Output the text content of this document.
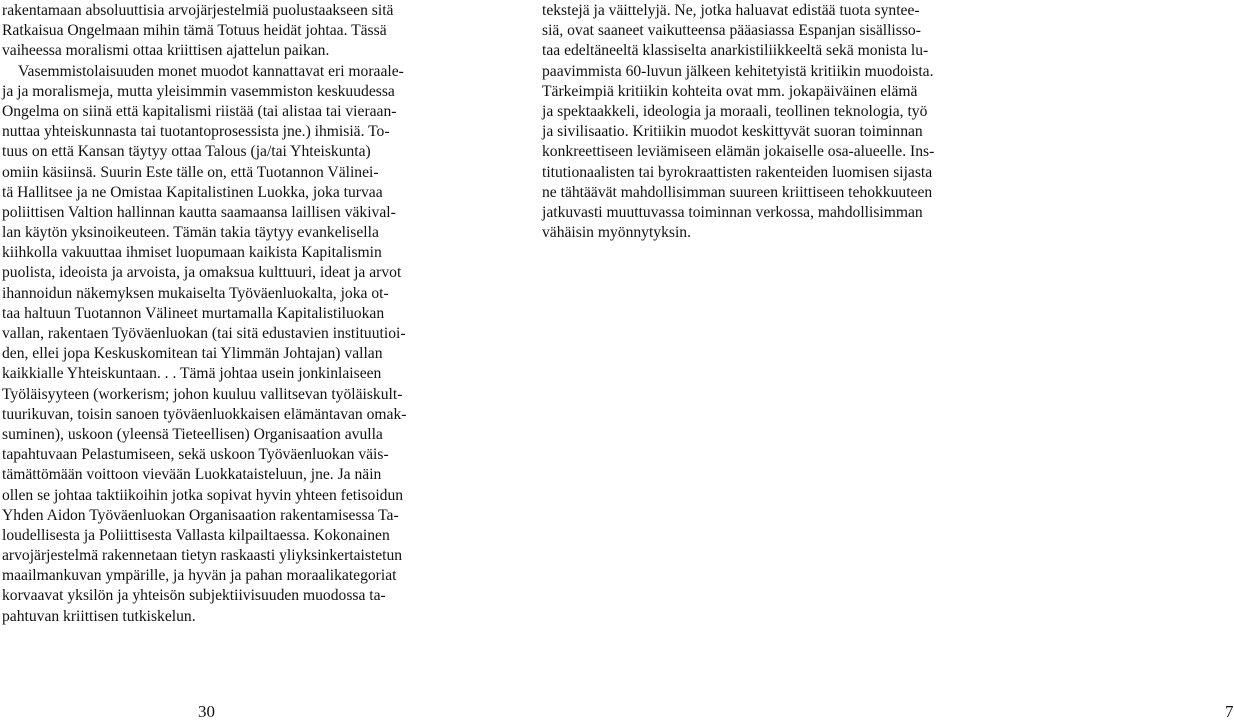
rakentamaan absoluuttisia arvojärjestelmiä puolustaakseen sitä
Ratkaisua Ongelmaan mihin tämä Totuus heidät johtaa. Tässä
vaiheessa moralismi ottaa kriittisen ajattelun paikan.
Vasemmistolaisuuden monet muodot kannattavat eri moraale-
ja ja moralismeja, mutta yleisimmin vasemmiston keskuudessa
Ongelma on siinä että kapitalismi riistää (tai alistaa tai vieraan-
nuttaa yhteiskunnasta tai tuotantoprosessista jne.) ihmisiä. To-
tuus on että Kansan täytyy ottaa Talous (ja/tai Yhteiskunta)
omiin käsiinsä. Suurin Este tälle on, että Tuotannon Välinei-
tä Hallitsee ja ne Omistaa Kapitalistinen Luokka, joka turvaa
poliittisen Valtion hallinnan kautta saamaansa laillisen väkival-
lan käytön yksinoikeuteen. Tämän takia täytyy evankelisella
kiihkolla vakuuttaa ihmiset luopumaan kaikista Kapitalismin
puolista, ideoista ja arvoista, ja omaksua kulttuuri, ideat ja arvot
ihannoidun näkemyksen mukaiselta Työväenluokalta, joka ot-
taa haltuun Tuotannon Välineet murtamalla Kapitalistiluokan
vallan, rakentaen Työväenluokan (tai sitä edustavien instituutioi-
den, ellei jopa Keskuskomitean tai Ylimmän Johtajan) vallan
kaikkialle Yhteiskuntaan. . . Tämä johtaa usein jonkinlaiseen
Työläisyyteen (workerism; johon kuuluu vallitsevan työläiskult-
tuurikuvan, toisin sanoen työväenluokkaisen elämäntavan omak-
suminen), uskoon (yleensä Tieteellisen) Organisaation avulla
tapahtuvaan Pelastumiseen, sekä uskoon Työväenluokan väis-
tämättömään voittoon vievään Luokkataisteluun, jne. Ja näin
ollen se johtaa taktiikoihin jotka sopivat hyvin yhteen fetisoidun
Yhden Aidon Työväenluokan Organisaation rakentamisessa Ta-
loudellisesta ja Poliittisesta Vallasta kilpailtaessa. Kokonainen
arvojärjestelmä rakennetaan tietyn raskaasti yliyksinkertaistetun
maailmankuvan ympärille, ja hyvän ja pahan moraalikategoriat
korvaavat yksilön ja yhteisön subjektiivisuuden muodossa ta-
pahtuvan kriittisen tutkiskelun.
30
tekstejä ja väittelyjä. Ne, jotka haluavat edistää tuota syntee-
siä, ovat saaneet vaikutteensa pääasiassa Espanjan sisällisso-
taa edeltäneeltä klassiselta anarkistiliikkeeltä sekä monista lu-
paavimmista 60-luvun jälkeen kehitetyistä kritiikin muodoista.
Tärkeimpiä kritiikin kohteita ovat mm. jokapäiväinen elämä
ja spektaakkeli, ideologia ja moraali, teollinen teknologia, työ
ja sivilisaatio. Kritiikin muodot keskittyvät suoran toiminnan
konkreettiseen leviämiseen elämän jokaiselle osa-alueelle. Ins-
titutionaalisten tai byrokraattisten rakenteiden luomisen sijasta
ne tähtäävät mahdollisimman suureen kriittiseen tehokkuuteen
jatkuvasti muuttuvassa toiminnan verkossa, mahdollisimman
vähäisin myönnytyksin.
7
